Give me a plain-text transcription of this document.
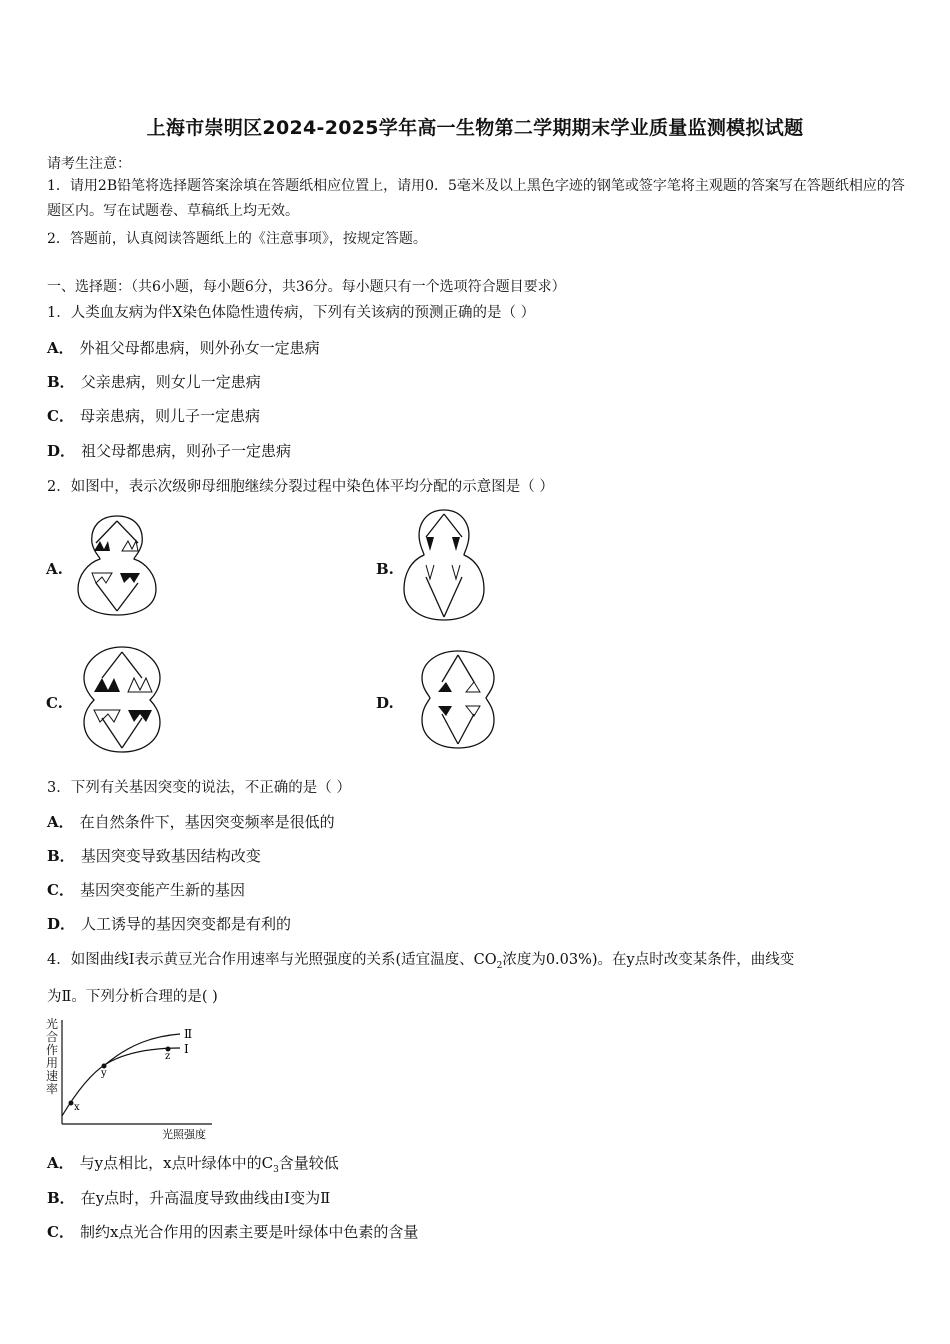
上海市崇明区2024-2025学年高一生物第二学期期末学业质量监测模拟试题
请考生注意：
1．请用2B铅笔将选择题答案涂填在答题纸相应位置上，请用0．5毫米及以上黑色字迹的钢笔或签字笔将主观题的答案写在答题纸相应的答题区内。写在试题卷、草稿纸上均无效。
2．答题前，认真阅读答题纸上的《注意事项》，按规定答题。
一、选择题：（共6小题，每小题6分，共36分。每小题只有一个选项符合题目要求）
1．人类血友病为伴X染色体隐性遗传病，下列有关该病的预测正确的是（ ）
A． 外祖父母都患病，则外孙女一定患病
B． 父亲患病，则女儿一定患病
C． 母亲患病，则儿子一定患病
D． 祖父母都患病，则孙子一定患病
2．如图中，表示次级卵母细胞继续分裂过程中染色体平均分配的示意图是（ ）
A.	B.
C.	D.
3．下列有关基因突变的说法，不正确的是（ ）
A． 在自然条件下，基因突变频率是很低的
B． 基因突变导致基因结构改变
C． 基因突变能产生新的基因
D． 人工诱导的基因突变都是有利的
4．如图曲线Ⅰ表示黄豆光合作用速率与光照强度的关系(适宜温度、$CO_2$浓度为0.03%)。在y点时改变某条件，曲线变
为Ⅱ。下列分析合理的是( )
光合作用速率
x
y
z
Ⅱ
Ⅰ
光照强度
A． 与y点相比，x点叶绿体中的$C_3$含量较低
B． 在y点时，升高温度导致曲线由Ⅰ变为Ⅱ
C． 制约x点光合作用的因素主要是叶绿体中色素的含量
